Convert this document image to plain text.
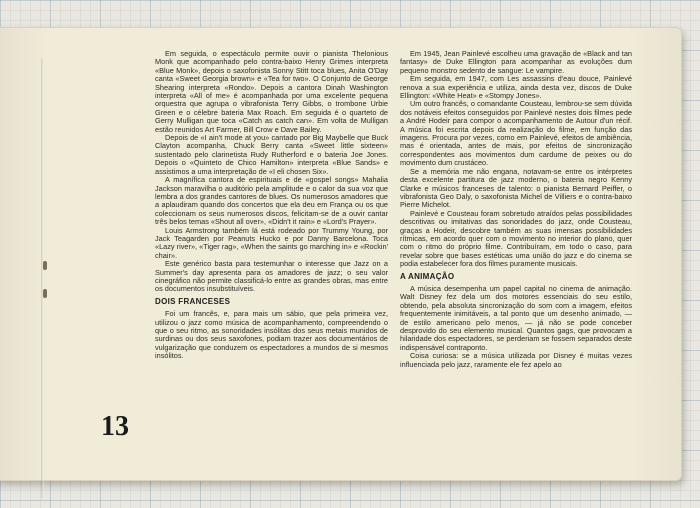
Em seguida, o espectáculo permite ouvir o pianista Thelonious Monk que acompanhado pelo contra-baixo Henry Grimes interpreta «Blue Monk», depois o saxofonista Sonny Stitt toca blues, Anita O'Day canta «Sweet Georgia brown» e «Tea for two». O Conjunto de George Shearing interpreta «Rondo». Depois a cantora Dinah Washington interpreta «All of me» é acompanhada por uma excelente pequena orquestra que agrupa o vibrafonista Terry Gibbs, o trombone Urbie Green e o célebre bateria Max Roach. Em seguida é o quarteto de Gerry Mulligan que toca «Catch as catch can». Em volta de Mulligan estão reunidos Art Farmer, Bill Crow e Dave Bailey.

Depois de «I ain't mode at you» cantado por Big Maybelle que Buck Clayton acompanha, Chuck Berry canta «Sweet little sixteen» sustentado pelo clarinetista Rudy Rutherford e o bateria Joe Jones. Depois o «Quinteto de Chico Hamilton» interpreta «Blue Sands» e assistimos a uma interpretação de «I eli chosen Six».

A magnífica cantora de espirituais e de «gospel songs» Mahalia Jackson maravilha o auditório pela amplitude e o calor da sua voz que lembra a dos grandes cantores de blues. Os numerosos amadores que a aplaudiram quando dos concertos que ela deu em França ou os que coleccionam os seus numerosos discos, felicitam-se de a ouvir cantar três belos temas «Shout all over», «Didn't it rain» e «Lord's Prayer».

Louis Armstrong também lá está rodeado por Trummy Young, por Jack Teagarden por Peanuts Hucko e por Danny Barcelona. Toca «Lazy river», «Tiger rag», «When the saints go marching in» e «Rockin' chair».

Este genérico basta para testemunhar o interesse que Jazz on a Summer's day apresenta para os amadores de jazz; o seu valor cinegráfico não permite classificá-lo entre as grandes obras, mas entre os documentos insubstituíveis.

DOIS FRANCESES

Foi um francês, e, para mais um sábio, que pela primeira vez, utilizou o jazz como música de acompanhamento, compreendendo o que o seu ritmo, as sonoridades insólitas dos seus metais munidos de surdinas ou dos seus saxofones, podiam trazer aos documentários de vulgarização que conduzem os espectadores a mundos de si mesmos insólitos.

Em 1945, Jean Painlevé escolheu uma gravação de «Black and tan fantasy» de Duke Ellington para acompanhar as evoluções dum pequeno monstro sedento de sangue: Le vampire.

Em seguida, em 1947, com Les assassins d'eau douce, Painlevé renova a sua experiência e utiliza, ainda desta vez, discos de Duke Ellington: «White Heat» e «Stompy Jones».

Um outro francês, o comandante Cousteau, lembrou-se sem dúvida dos notáveis efeitos conseguidos por Painlevé nestes dois filmes pede a André Hodeir para compor o acompanhamento de Autour d'un récif. A música foi escrita depois da realização do filme, em função das imagens. Procura por vezes, como em Painlevé, efeitos de ambiência, mas é orientada, antes de mais, por efeitos de sincronização correspondentes aos movimentos dum cardume de peixes ou do movimento dum crustáceo.

Se a memória me não engana, notavam-se entre os intérpretes desta excelente partitura de jazz moderno, o bateria negro Kenny Clarke e músicos franceses de talento: o pianista Bernard Peiffer, o vibrafonista Geo Daly, o saxofonista Michel de Villiers e o contra-baixo Pierre Michelot.

Painlevé e Cousteau foram sobretudo atraídos pelas possibilidades descritivas ou imitativas das sonoridades do jazz, onde Cousteau, graças a Hodeir, descobre também as suas imensas possibilidades rítmicas, em acordo quer com o movimento no interior do plano, quer com o ritmo do próprio filme. Contribuíram, em todo o caso, para revelar sobre que bases estéticas uma união do jazz e do cinema se podia estabelecer fora dos filmes puramente musicais.

A ANIMAÇÃO

A música desempenha um papel capital no cinema de animação. Walt Disney fez dela um dos motores essenciais do seu estilo, obtendo, pela absoluta sincronização do som com a imagem, efeitos frequentemente inimitáveis, a tal ponto que um desenho animado, — de estilo americano pelo menos, — já não se pode conceber desprovido do seu elemento musical. Quantos gags, que provocam a hilaridade dos espectadores, se perderiam se fossem separados deste indispensável contraponto.

Coisa curiosa: se a música utilizada por Disney é muitas vezes influenciada pelo jazz, raramente ele fez apelo ao

13
